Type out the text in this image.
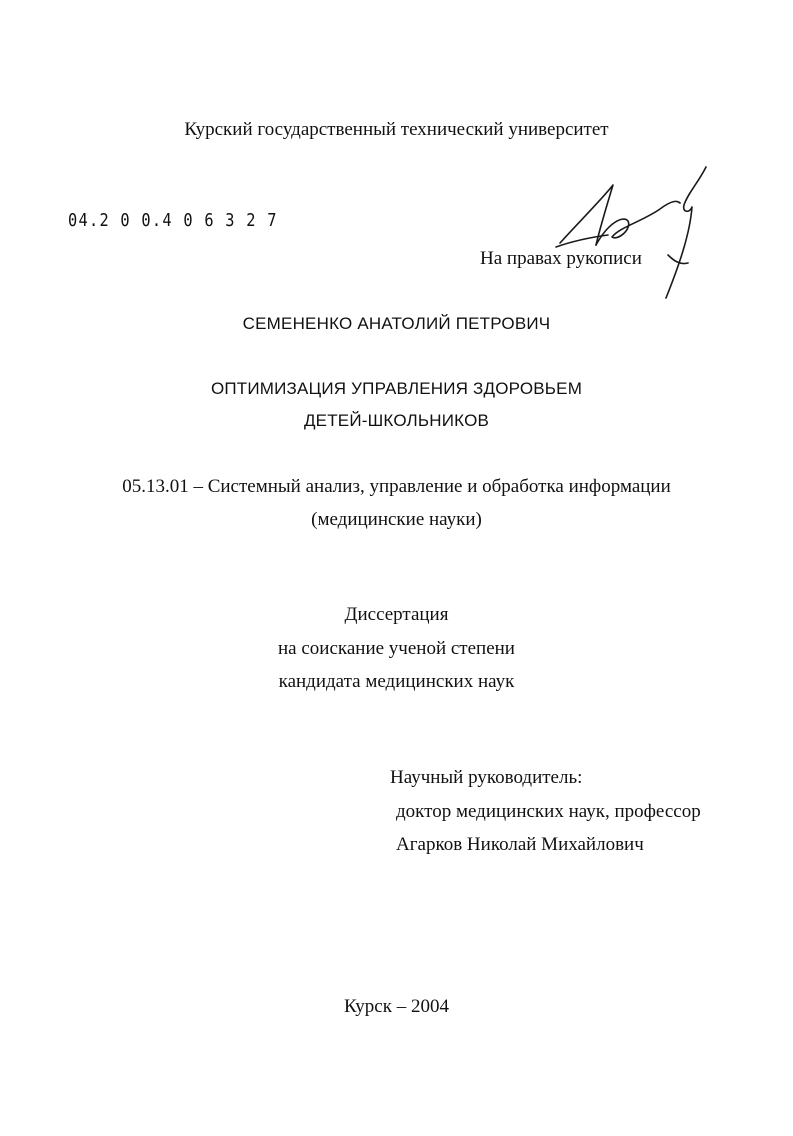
Курский государственный технический университет
04.2 0 0.4 0 6 3 2 7
На правах рукописи
СЕМЕНЕНКО АНАТОЛИЙ ПЕТРОВИЧ
ОПТИМИЗАЦИЯ УПРАВЛЕНИЯ ЗДОРОВЬЕМ
ДЕТЕЙ-ШКОЛЬНИКОВ
05.13.01 – Системный анализ, управление и обработка информации
(медицинские науки)
Диссертация
на соискание ученой степени
кандидата медицинских наук
Научный руководитель:
доктор медицинских наук, профессор
Агарков Николай Михайлович
Курск – 2004
